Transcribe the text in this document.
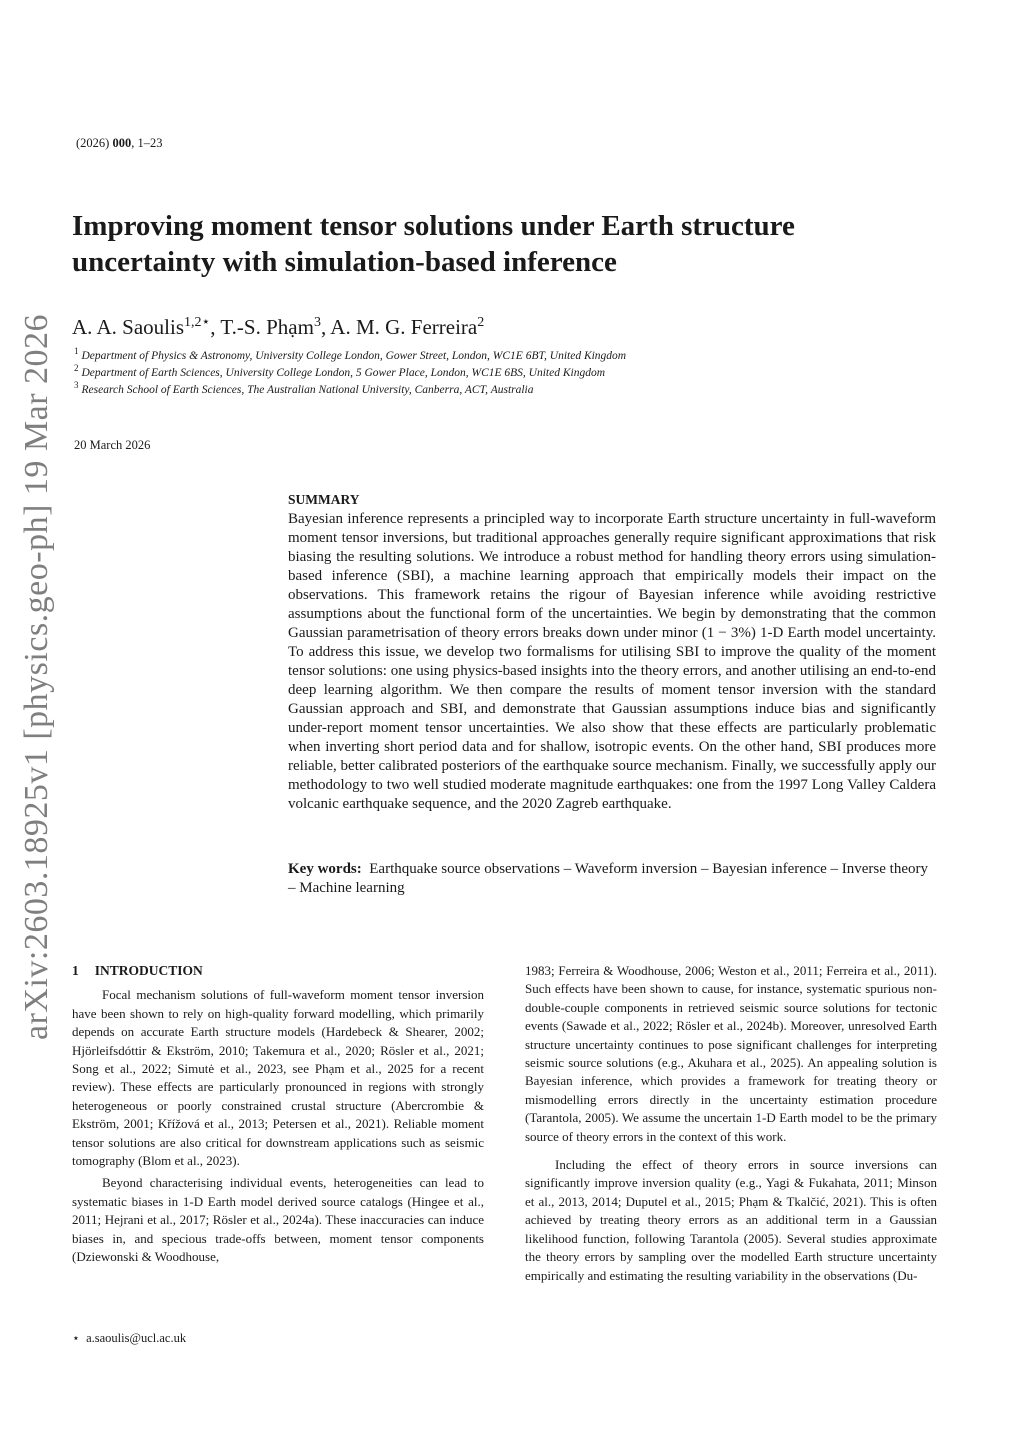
(2026) 000, 1–23
Improving moment tensor solutions under Earth structure
uncertainty with simulation-based inference
A. A. Saoulis$^{1,2⋆}$, T.-S. Phạm$^3$, A. M. G. Ferreira$^2$
$^1$ Department of Physics & Astronomy, University College London, Gower Street, London, WC1E 6BT, United Kingdom
$^2$ Department of Earth Sciences, University College London, 5 Gower Place, London, WC1E 6BS, United Kingdom
$^3$ Research School of Earth Sciences, The Australian National University, Canberra, ACT, Australia
20 March 2026
arXiv:2603.18925v1 [physics.geo-ph] 19 Mar 2026	SUMMARY
Bayesian inference represents a principled way to incorporate Earth structure uncertainty in full-waveform moment tensor inversions, but traditional approaches generally require significant approximations that risk biasing the resulting solutions. We introduce a robust method for handling theory errors using simulation-based inference (SBI), a machine learning approach that empirically models their impact on the observations. This framework retains the rigour of Bayesian inference while avoiding restrictive assumptions about the functional form of the uncertainties. We begin by demonstrating that the common Gaussian parametrisation of theory errors breaks down under minor (1 − 3%) 1-D Earth model uncertainty. To address this issue, we develop two formalisms for utilising SBI to improve the quality of the moment tensor solutions: one using physics-based insights into the theory errors, and another utilising an end-to-end deep learning algorithm. We then compare the results of moment tensor inversion with the standard Gaussian approach and SBI, and demonstrate that Gaussian assumptions induce bias and significantly under-report moment tensor uncertainties. We also show that these effects are particularly problematic when inverting short period data and for shallow, isotropic events. On the other hand, SBI produces more reliable, better calibrated posteriors of the earthquake source mechanism. Finally, we successfully apply our methodology to two well studied moderate magnitude earthquakes: one from the 1997 Long Valley Caldera volcanic earthquake sequence, and the 2020 Zagreb earthquake.
Key words: Earthquake source observations – Waveform inversion – Bayesian inference – Inverse theory – Machine learning
1 INTRODUCTION

Focal mechanism solutions of full-waveform moment tensor inversion have been shown to rely on high-quality forward modelling, which primarily depends on accurate Earth structure models (Hardebeck & Shearer, 2002; Hjörleifsdóttir & Ekström, 2010; Takemura et al., 2020; Rösler et al., 2021; Song et al., 2022; Simutė et al., 2023, see Phạm et al., 2025 for a recent review). These effects are particularly pronounced in regions with strongly heterogeneous or poorly constrained crustal structure (Abercrombie & Ekström, 2001; Křížová et al., 2013; Petersen et al., 2021). Reliable moment tensor solutions are also critical for downstream applications such as seismic tomography (Blom et al., 2023).

Beyond characterising individual events, heterogeneities can lead to systematic biases in 1-D Earth model derived source catalogs (Hingee et al., 2011; Hejrani et al., 2017; Rösler et al., 2024a). These inaccuracies can induce biases in, and specious trade-offs between, moment tensor components (Dziewonski & Woodhouse,

1983; Ferreira & Woodhouse, 2006; Weston et al., 2011; Ferreira et al., 2011). Such effects have been shown to cause, for instance, systematic spurious non-double-couple components in retrieved seismic source solutions for tectonic events (Sawade et al., 2022; Rösler et al., 2024b). Moreover, unresolved Earth structure uncertainty continues to pose significant challenges for interpreting seismic source solutions (e.g., Akuhara et al., 2025). An appealing solution is Bayesian inference, which provides a framework for treating theory or mismodelling errors directly in the uncertainty estimation procedure (Tarantola, 2005). We assume the uncertain 1-D Earth model to be the primary source of theory errors in the context of this work.

Including the effect of theory errors in source inversions can significantly improve inversion quality (e.g., Yagi & Fukahata, 2011; Minson et al., 2013, 2014; Duputel et al., 2015; Phạm & Tkalčić, 2021). This is often achieved by treating theory errors as an additional term in a Gaussian likelihood function, following Tarantola (2005). Several studies approximate the theory errors by sampling over the modelled Earth structure uncertainty empirically and estimating the resulting variability in the observations (Du-

⋆ a.saoulis@ucl.ac.uk
